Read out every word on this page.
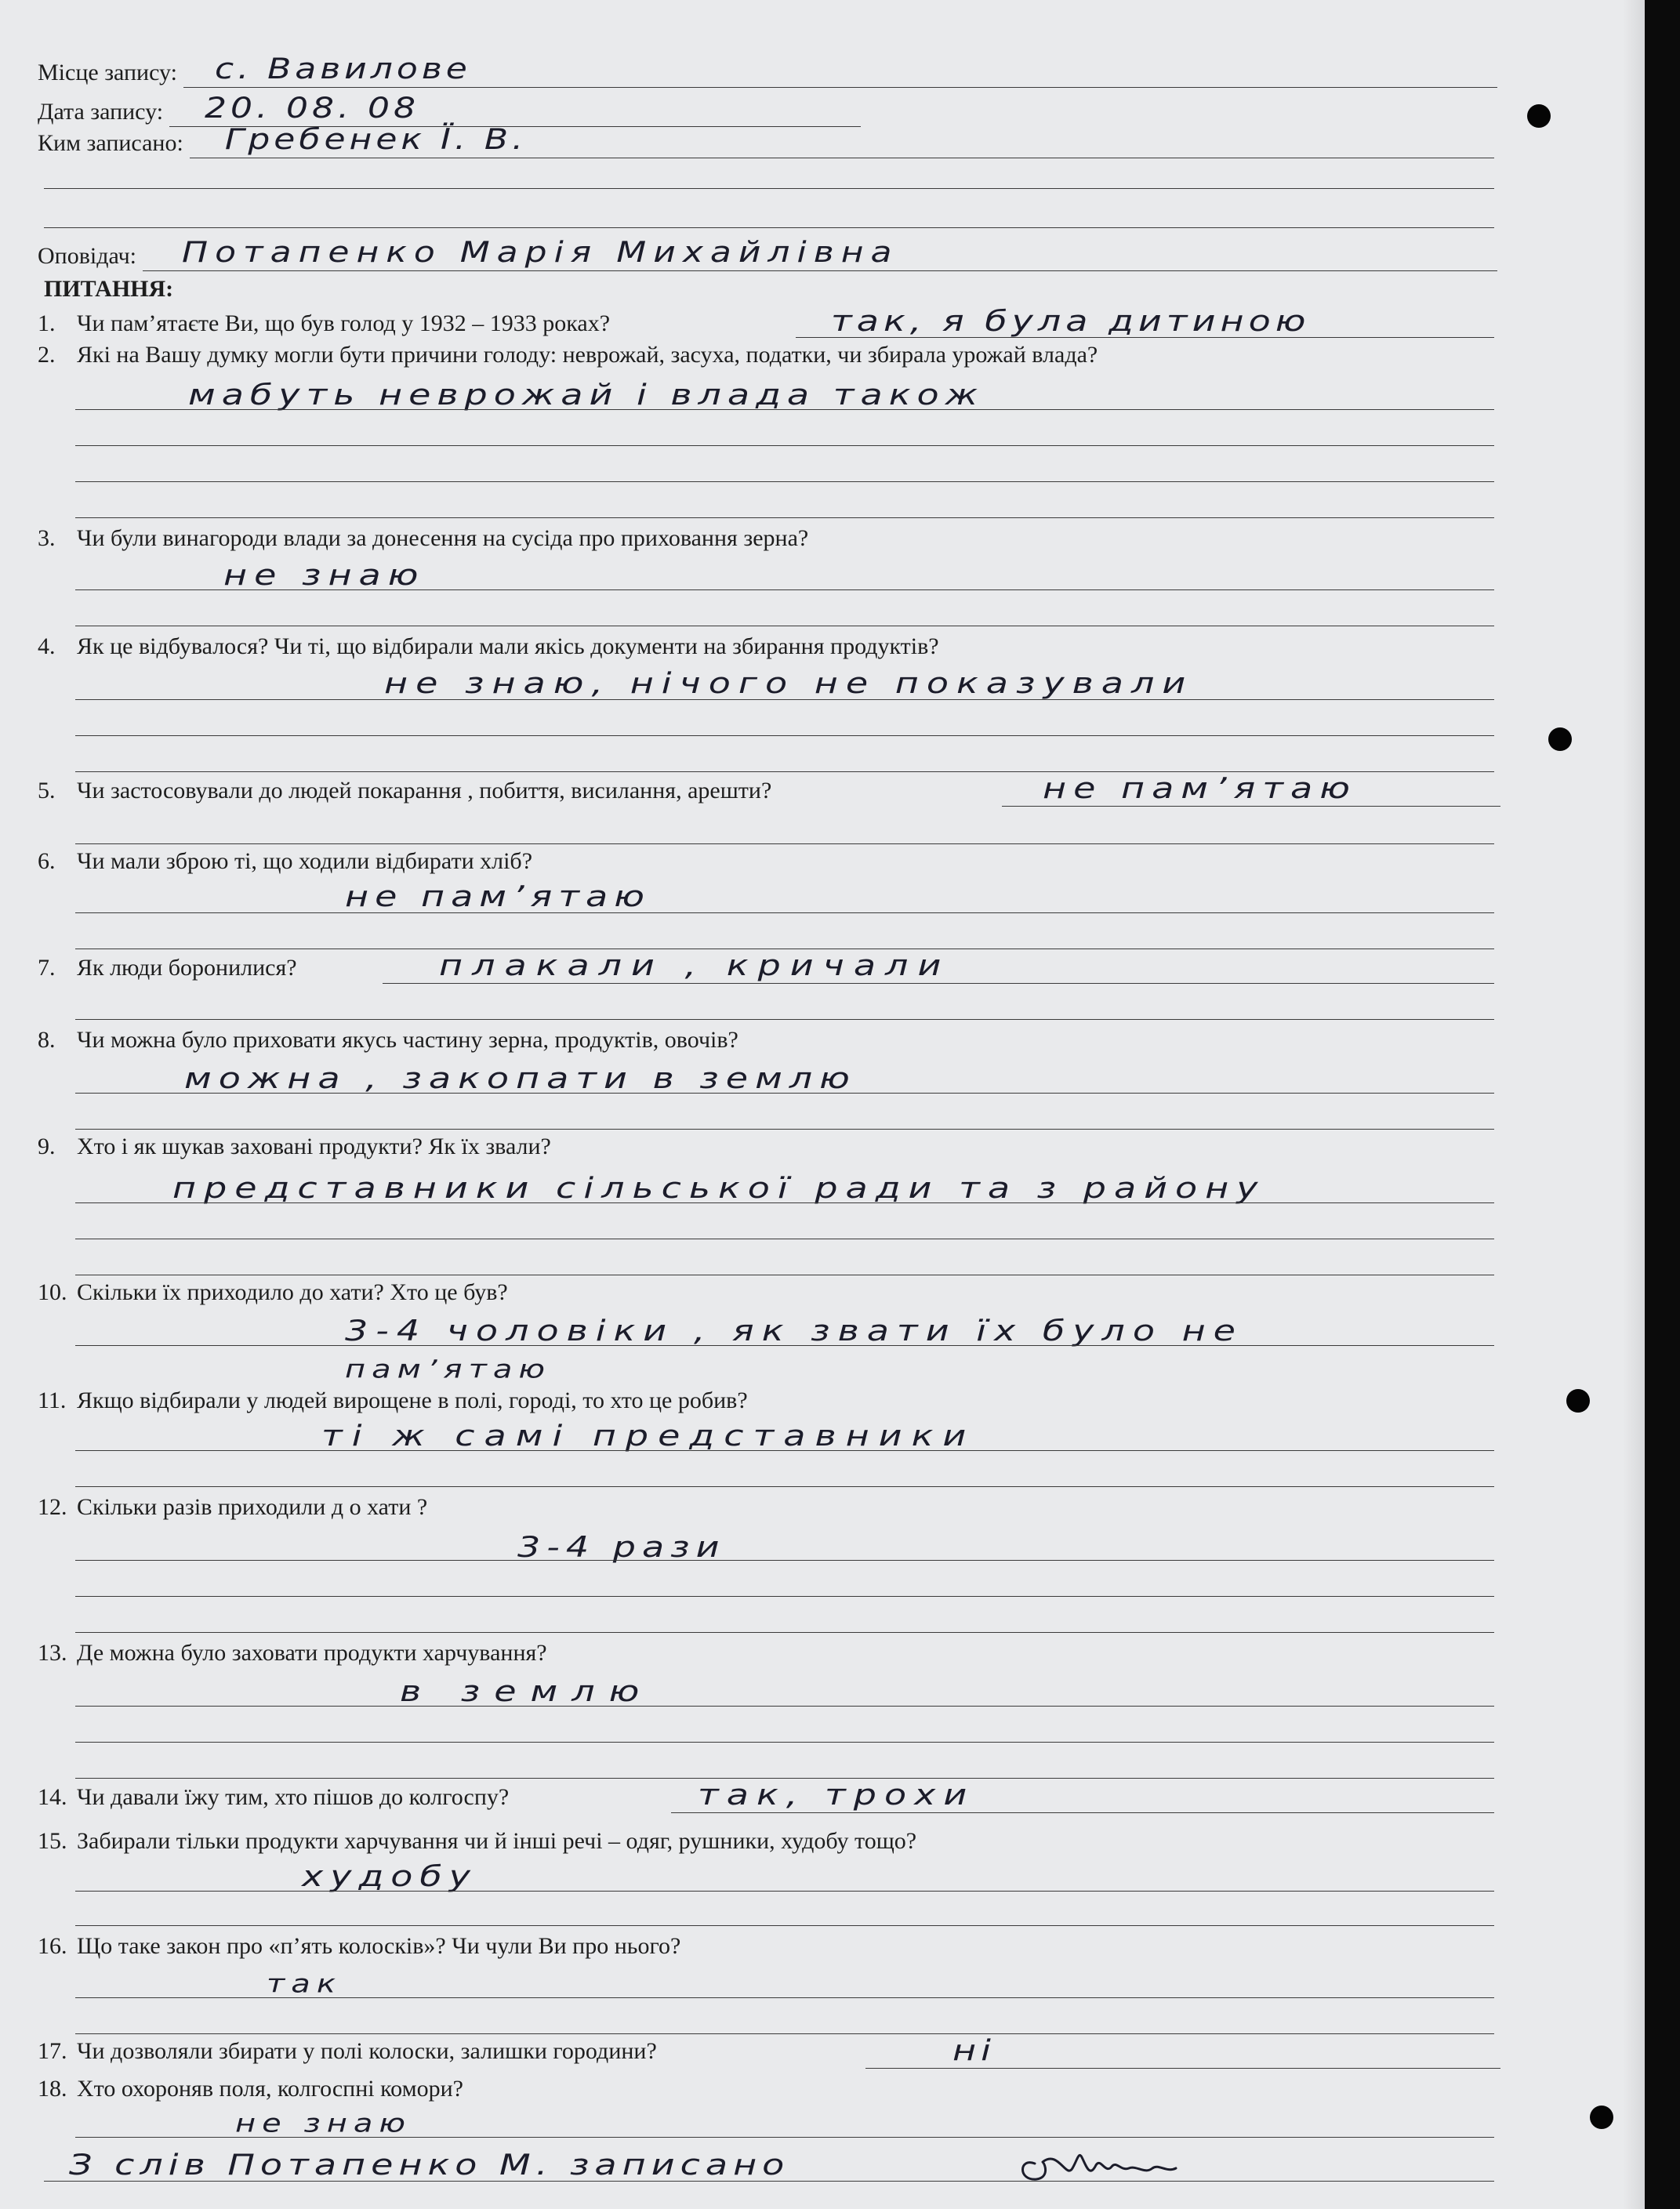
Місце запису: с. Вавилове
Дата запису: 20. 08. 08
Ким записано: Гребенек Ї. В.
Оповідач: Потапенко Марія Михайлівна
ПИТАННЯ:
1. Чи пам’ятаєте Ви, що був голод у 1932 – 1933 роках?	так, я була дитиною
2. Які на Вашу думку могли бути причини голоду: неврожай, засуха, податки, чи збирала урожай влада?
мабуть неврожай і влада також
3. Чи були винагороди влади за донесення на сусіда про приховання зерна?
не знаю
4. Як це відбувалося? Чи ті, що відбирали мали якісь документи на збирання продуктів?
не знаю, нічого не показували
5. Чи застосовували до людей покарання , побиття, висилання, арешти?	не пам’ятаю
6. Чи мали зброю ті, що ходили відбирати хліб?
не пам’ятаю
7. Як люди боронилися?	плакали , кричали
8. Чи можна було приховати якусь частину зерна, продуктів, овочів?
можна , закопати в землю
9. Хто і як шукав заховані продукти? Як їх звали?
представники сільської ради та з району
10. Скільки їх приходило до хати? Хто це був?
3-4 чоловіки , як звати їх було не
пам’ятаю
11. Якщо відбирали у людей вирощене в полі, городі, то хто це робив?
ті ж самі представники
12. Скільки разів приходили д о хати ?
3-4 рази
13. Де можна було заховати продукти харчування?
в землю
14. Чи давали їжу тим, хто пішов до колгоспу?	так, трохи
15. Забирали тільки продукти харчування чи й інші речі – одяг, рушники, худобу тощо?
худобу
16. Що таке закон про «п’ять колосків»? Чи чули Ви про нього?
так
17. Чи дозволяли збирати у полі колоски, залишки городини?	ні
18. Хто охороняв поля, колгоспні комори?
не знаю
З слів Потапенко М. записано
